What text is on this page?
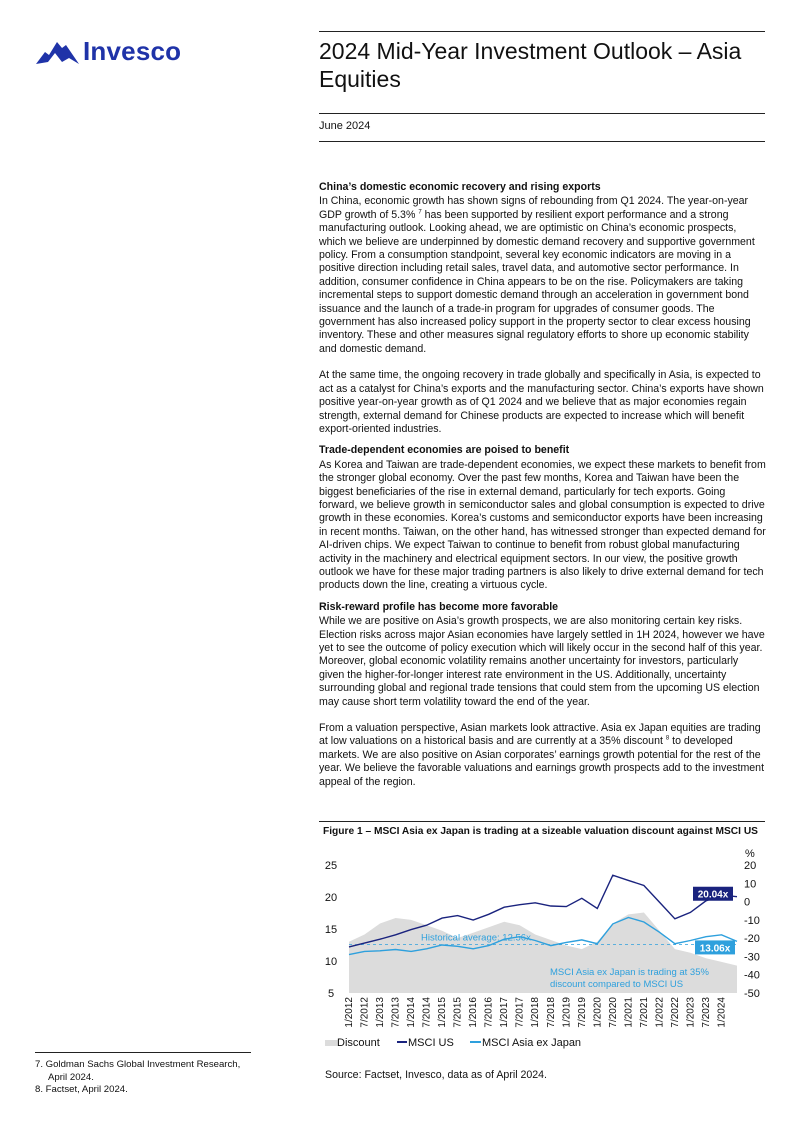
Invesco	2024 Mid-Year Investment Outlook – Asia Equities
June 2024
China’s domestic economic recovery and rising exports

In China, economic growth has shown signs of rebounding from Q1 2024. The year-on-year GDP growth of 5.3% $^7$ has been supported by resilient export performance and a strong manufacturing outlook. Looking ahead, we are optimistic on China’s economic prospects, which we believe are underpinned by domestic demand recovery and supportive government policy. From a consumption standpoint, several key economic indicators are moving in a positive direction including retail sales, travel data, and automotive sector performance. In addition, consumer confidence in China appears to be on the rise. Policymakers are taking incremental steps to support domestic demand through an acceleration in government bond issuance and the launch of a trade-in program for upgrades of consumer goods. The government has also increased policy support in the property sector to clear excess housing inventory. These and other measures signal regulatory efforts to shore up economic stability and domestic demand.

At the same time, the ongoing recovery in trade globally and specifically in Asia, is expected to act as a catalyst for China’s exports and the manufacturing sector. China’s exports have shown positive year-on-year growth as of Q1 2024 and we believe that as major economies regain strength, external demand for Chinese products are expected to increase which will benefit export-oriented industries.

Trade-dependent economies are poised to benefit

As Korea and Taiwan are trade-dependent economies, we expect these markets to benefit from the stronger global economy. Over the past few months, Korea and Taiwan have been the biggest beneficiaries of the rise in external demand, particularly for tech exports. Going forward, we believe growth in semiconductor sales and global consumption is expected to drive growth in these economies. Korea’s customs and semiconductor exports have been increasing in recent months. Taiwan, on the other hand, has witnessed stronger than expected demand for AI-driven chips. We expect Taiwan to continue to benefit from robust global manufacturing activity in the machinery and electrical equipment sectors. In our view, the positive growth outlook we have for these major trading partners is also likely to drive external demand for tech products down the line, creating a virtuous cycle.

Risk-reward profile has become more favorable

While we are positive on Asia’s growth prospects, we are also monitoring certain key risks. Election risks across major Asian economies have largely settled in 1H 2024, however we have yet to see the outcome of policy execution which will likely occur in the second half of this year. Moreover, global economic volatility remains another uncertainty for investors, particularly given the higher-for-longer interest rate environment in the US. Additionally, uncertainty surrounding global and regional trade tensions that could stem from the upcoming US election may cause short term volatility toward the end of the year.

From a valuation perspective, Asian markets look attractive. Asia ex Japan equities are trading at low valuations on a historical basis and are currently at a 35% discount $^8$ to developed markets. We are also positive on Asian corporates’ earnings growth potential for the rest of the year. We believe the favorable valuations and earnings growth prospects add to the investment appeal of the region.

Figure 1 – MSCI Asia ex Japan is trading at a sizeable valuation discount against MSCI US
25
20
15
10
5
20
10
0
-10
-20
-30
-40
-50
%
Historical average: 12.56x
20.04x
13.06x
MSCI Asia ex Japan is trading at 35%
discount compared to MSCI US
1/2012 7/2012 1/2013 7/2013 1/2014 7/2014 1/2015 7/2015 1/2016 7/2016 1/2017 7/2017 1/2018 7/2018 1/2019 7/2019 1/2020 7/2020 1/2021 7/2021 1/2022 7/2022 1/2023 7/2023 1/2024
Discount	MSCI US	MSCI Asia ex Japan
Source: Factset, Invesco, data as of April 2024.
7. Goldman Sachs Global Investment Research, April 2024.
8. Factset, April 2024.
